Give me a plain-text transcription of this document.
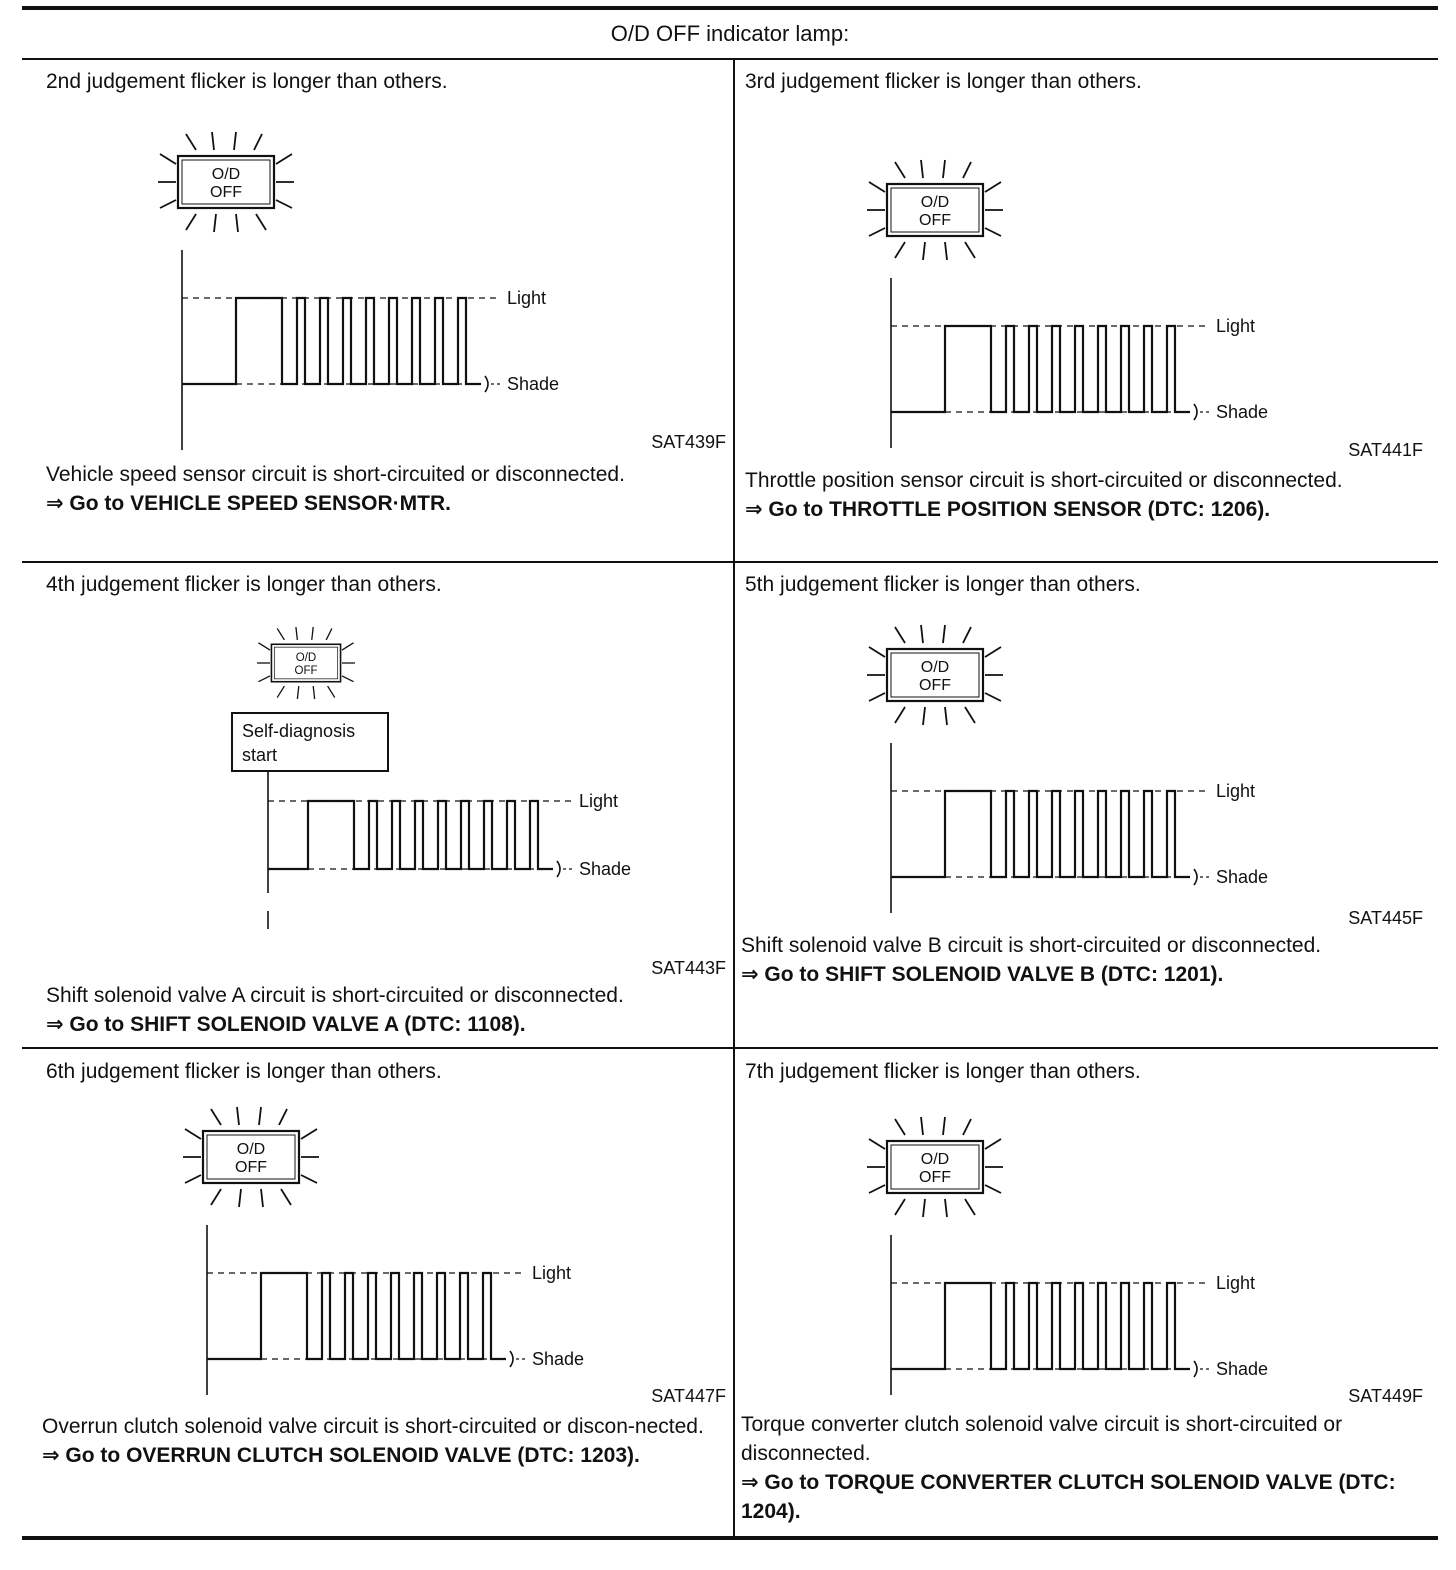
O/D OFF indicator lamp:
2nd judgement flicker is longer than others.
O/D
OFF
Light
Shade
SAT439F
Vehicle speed sensor circuit is short-circuited or disconnected.
⇒ Go to VEHICLE SPEED SENSOR·MTR.
3rd judgement flicker is longer than others.
O/D
OFF
Light
Shade
SAT441F
Throttle position sensor circuit is short-circuited or disconnected.
⇒ Go to THROTTLE POSITION SENSOR (DTC: 1206).
4th judgement flicker is longer than others.
O/D
OFF
Self-diagnosis
start
Light
Shade
SAT443F
Shift solenoid valve A circuit is short-circuited or disconnected.
⇒ Go to SHIFT SOLENOID VALVE A (DTC: 1108).
5th judgement flicker is longer than others.
O/D
OFF
Light
Shade
SAT445F
Shift solenoid valve B circuit is short-circuited or disconnected.
⇒ Go to SHIFT SOLENOID VALVE B (DTC: 1201).
6th judgement flicker is longer than others.
O/D
OFF
Light
Shade
SAT447F
Overrun clutch solenoid valve circuit is short-circuited or discon-nected.
⇒ Go to OVERRUN CLUTCH SOLENOID VALVE (DTC: 1203).
7th judgement flicker is longer than others.
O/D
OFF
Light
Shade
SAT449F
Torque converter clutch solenoid valve circuit is short-circuited or disconnected.
⇒ Go to TORQUE CONVERTER CLUTCH SOLENOID VALVE (DTC: 1204).
